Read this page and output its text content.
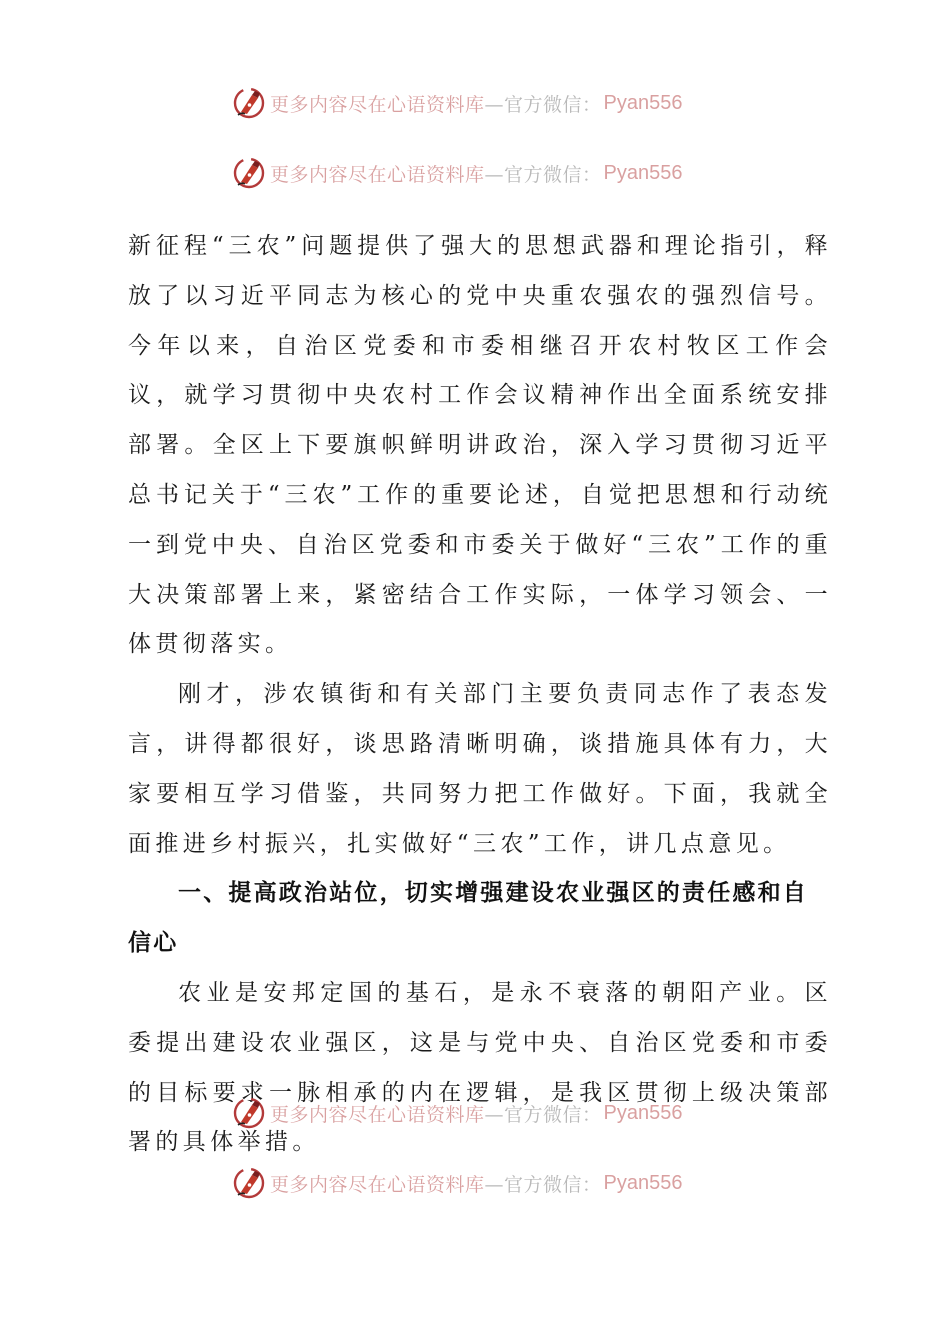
更多内容尽在心语资料库 —官方微信： Pyan556
更多内容尽在心语资料库 —官方微信： Pyan556

新征程“三农”问题提供了强大的思想武器和理论指引，释放了以习近平同志为核心的党中央重农强农的强烈信号。今年以来，自治区党委和市委相继召开农村牧区工作会议，就学习贯彻中央农村工作会议精神作出全面系统安排部署。全区上下要旗帜鲜明讲政治，深入学习贯彻习近平总书记关于“三农”工作的重要论述，自觉把思想和行动统一到党中央、自治区党委和市委关于做好“三农”工作的重大决策部署上来，紧密结合工作实际，一体学习领会、一体贯彻落实。

刚才，涉农镇街和有关部门主要负责同志作了表态发言，讲得都很好，谈思路清晰明确，谈措施具体有力，大家要相互学习借鉴，共同努力把工作做好。下面，我就全面推进乡村振兴，扎实做好“三农”工作，讲几点意见。

一、提高政治站位，切实增强建设农业强区的责任感和自信心

农业是安邦定国的基石，是永不衰落的朝阳产业。区委提出建设农业强区，这是与党中央、自治区党委和市委的目标要求一脉相承的内在逻辑，是我区贯彻上级决策部署的具体举措。

更多内容尽在心语资料库 —官方微信： Pyan556
更多内容尽在心语资料库 —官方微信： Pyan556
